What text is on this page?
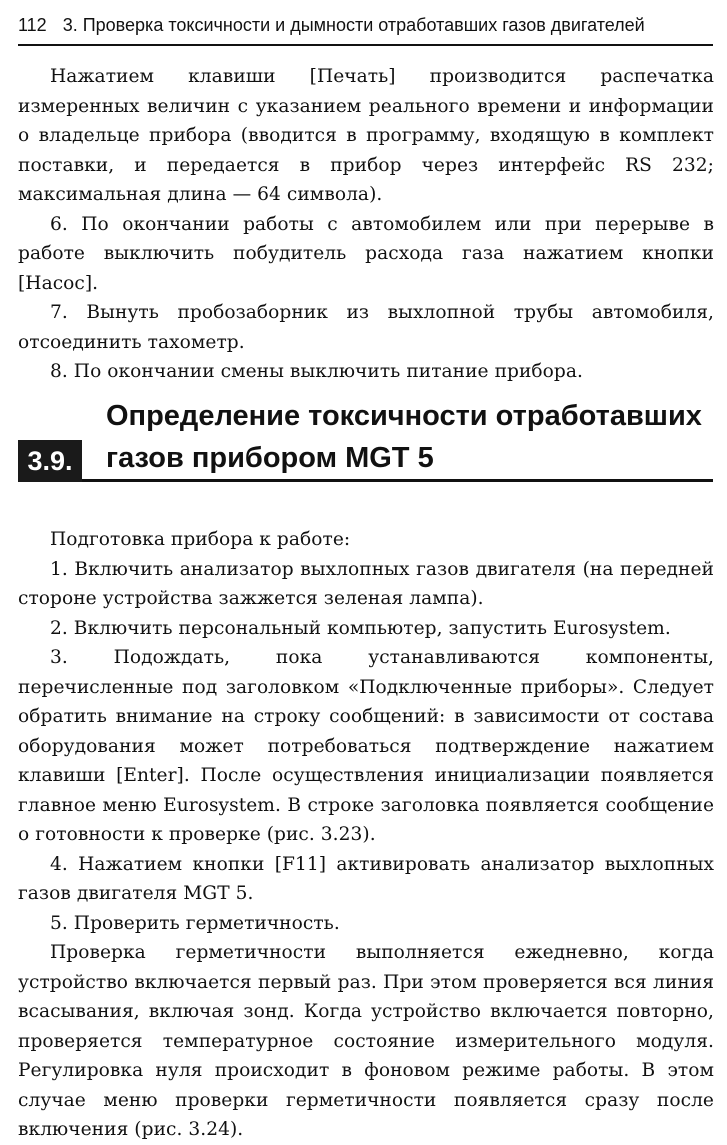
112 3. Проверка токсичности и дымности отработавших газов двигателей

Нажатием клавиши [Печать] производится распечатка измеренных величин с указанием реального времени и информации о владельце прибора (вводится в программу, входящую в комплект поставки, и передается в прибор через интерфейс RS 232; максимальная длина — 64 символа).

6. По окончании работы с автомобилем или при перерыве в работе выключить побудитель расхода газа нажатием кнопки [Насос].

7. Вынуть пробозаборник из выхлопной трубы автомобиля, отсоединить тахометр.

8. По окончании смены выключить питание прибора.

3.9.
Определение токсичности отработавших
газов прибором MGT 5

Подготовка прибора к работе:

1. Включить анализатор выхлопных газов двигателя (на передней стороне устройства зажжется зеленая лампа).

2. Включить персональный компьютер, запустить Eurosystem.

3. Подождать, пока устанавливаются компоненты, перечисленные под заголовком «Подключенные приборы». Следует обратить внимание на строку сообщений: в зависимости от состава оборудования может потребоваться подтверждение нажатием клавиши [Enter]. После осуществления инициализации появляется главное меню Eurosystem. В строке заголовка появляется сообщение о готовности к проверке (рис. 3.23).

4. Нажатием кнопки [F11] активировать анализатор выхлопных газов двигателя MGT 5.

5. Проверить герметичность.

Проверка герметичности выполняется ежедневно, когда устройство включается первый раз. При этом проверяется вся линия всасывания, включая зонд. Когда устройство включается повторно, проверяется температурное состояние измерительного модуля. Регулировка нуля происходит в фоновом режиме работы. В этом случае меню проверки герметичности появляется сразу после включения (рис. 3.24).
